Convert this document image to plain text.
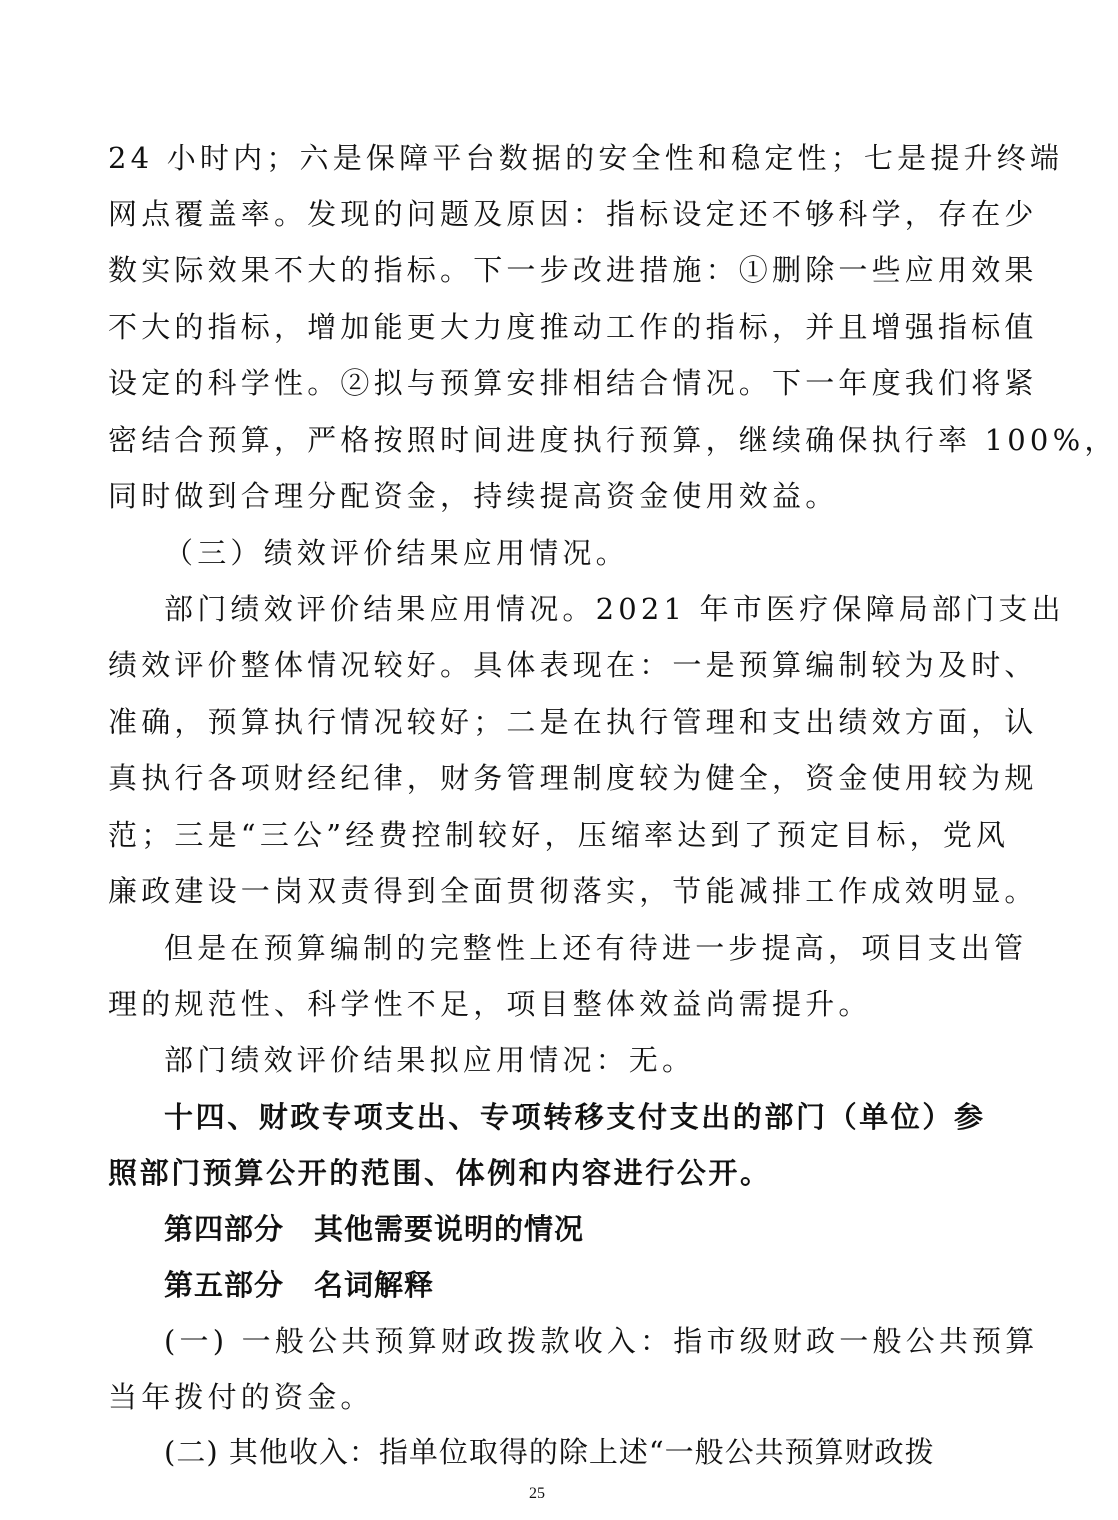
24 小时内；六是保障平台数据的安全性和稳定性；七是提升终端
网点覆盖率。发现的问题及原因：指标设定还不够科学，存在少
数实际效果不大的指标。下一步改进措施：①删除一些应用效果
不大的指标，增加能更大力度推动工作的指标，并且增强指标值
设定的科学性。②拟与预算安排相结合情况。下一年度我们将紧
密结合预算，严格按照时间进度执行预算，继续确保执行率 100%，
同时做到合理分配资金，持续提高资金使用效益。
（三）绩效评价结果应用情况。
部门绩效评价结果应用情况。2021 年市医疗保障局部门支出
绩效评价整体情况较好。具体表现在：一是预算编制较为及时、
准确，预算执行情况较好；二是在执行管理和支出绩效方面，认
真执行各项财经纪律，财务管理制度较为健全，资金使用较为规
范；三是“三公”经费控制较好，压缩率达到了预定目标，党风
廉政建设一岗双责得到全面贯彻落实，节能减排工作成效明显。
但是在预算编制的完整性上还有待进一步提高，项目支出管
理的规范性、科学性不足，项目整体效益尚需提升。
部门绩效评价结果拟应用情况：无。
十四、财政专项支出、专项转移支付支出的部门（单位）参
照部门预算公开的范围、体例和内容进行公开。
第四部分　其他需要说明的情况
第五部分　名词解释
(一) 一般公共预算财政拨款收入：指市级财政一般公共预算
当年拨付的资金。
(二) 其他收入：指单位取得的除上述“一般公共预算财政拨
25
